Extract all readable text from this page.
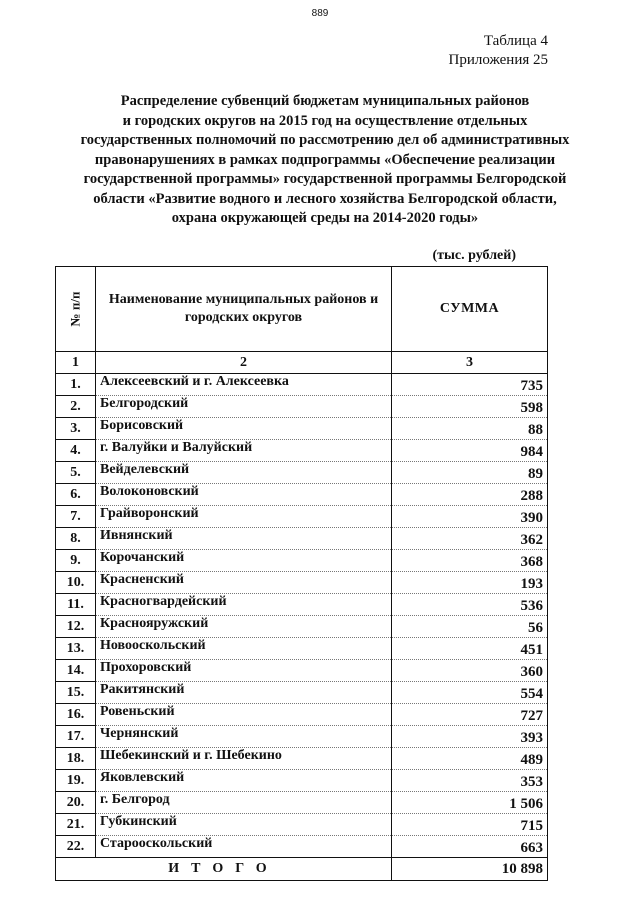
889
Таблица 4
Приложения 25
Распределение субвенций бюджетам муниципальных районов
и городских округов на 2015 год на осуществление отдельных
государственных полномочий по рассмотрению дел об административных
правонарушениях в рамках подпрограммы «Обеспечение реализации
государственной программы» государственной программы Белгородской
области «Развитие водного и лесного хозяйства Белгородской области,
охрана окружающей среды на 2014-2020 годы»
(тыс. рублей)
№ п/п	Наименование муниципальных районов и городских округов	СУММА
1	2	3
1.	Алексеевский и г. Алексеевка	735
2.	Белгородский	598
3.	Борисовский	88
4.	г. Валуйки и Валуйский	984
5.	Вейделевский	89
6.	Волоконовский	288
7.	Грайворонский	390
8.	Ивнянский	362
9.	Корочанский	368
10.	Красненский	193
11.	Красногвардейский	536
12.	Краснояружский	56
13.	Новооскольский	451
14.	Прохоровский	360
15.	Ракитянский	554
16.	Ровеньский	727
17.	Чернянский	393
18.	Шебекинский и г. Шебекино	489
19.	Яковлевский	353
20.	г. Белгород	1 506
21.	Губкинский	715
22.	Старооскольский	663
ИТОГО		10 898
